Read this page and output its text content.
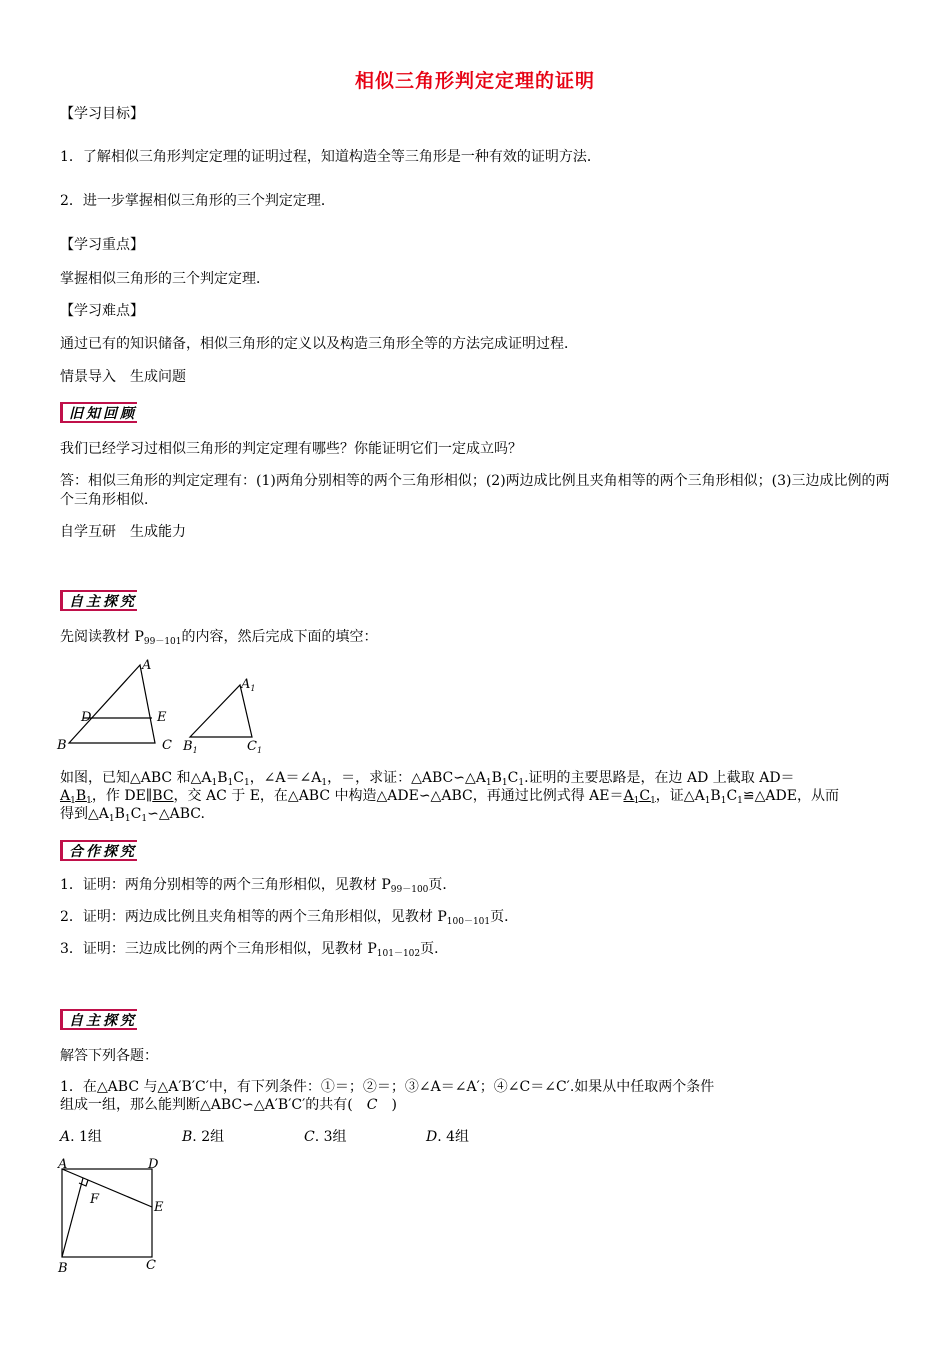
相似三角形判定定理的证明
【学习目标】
1．了解相似三角形判定定理的证明过程，知道构造全等三角形是一种有效的证明方法．
2．进一步掌握相似三角形的三个判定定理．
【学习重点】
掌握相似三角形的三个判定定理．
【学习难点】
通过已有的知识储备，相似三角形的定义以及构造三角形全等的方法完成证明过程．
情景导入　生成问题
旧知回顾
我们已经学习过相似三角形的判定定理有哪些？你能证明它们一定成立吗？
答：相似三角形的判定定理有：(1)两角分别相等的两个三角形相似；(2)两边成比例且夹角相等的两个三角形相似；(3)三边成比例的两个三角形相似．
自学互研　生成能力
自主探究
先阅读教材 $P_{99-101}$的内容，然后完成下面的填空：
A
D	E
B	C
$A_1$
$B_1$	$C_1$
如图，已知△ABC 和$\triangle A_1B_1C_1$，$\angle A=\angle A_1$，＝，求证：$\triangle ABC∽\triangle A_1B_1C_1$.证明的主要思路是，在边 AD 上截取 AD＝
$A_1B_1$，作 DE∥BC，交 AC 于 E，在△ABC 中构造△ADE∽△ABC，再通过比例式得 $AE=A_1C_1$，证$\triangle A_1B_1C_1≌\triangle ADE$，从而
得到$\triangle A_1B_1C_1∽\triangle ABC$.
合作探究
1．证明：两角分别相等的两个三角形相似，见教材 $P_{99-100}$页．
2．证明：两边成比例且夹角相等的两个三角形相似，见教材 $P_{100-101}$页．
3．证明：三边成比例的两个三角形相似，见教材 $P_{101-102}$页．
自主探究
解答下列各题：
1．在△ABC 与△A′B′C′中，有下列条件：①＝；②＝；③∠A＝∠A′；④∠C＝∠C′.如果从中任取两个条件
组成一组，那么能判断△ABC∽△A′B′C′的共有(　C　)
A. 1组	B. 2组	C. 3组	D. 4组
A	D
F
E
B	C
